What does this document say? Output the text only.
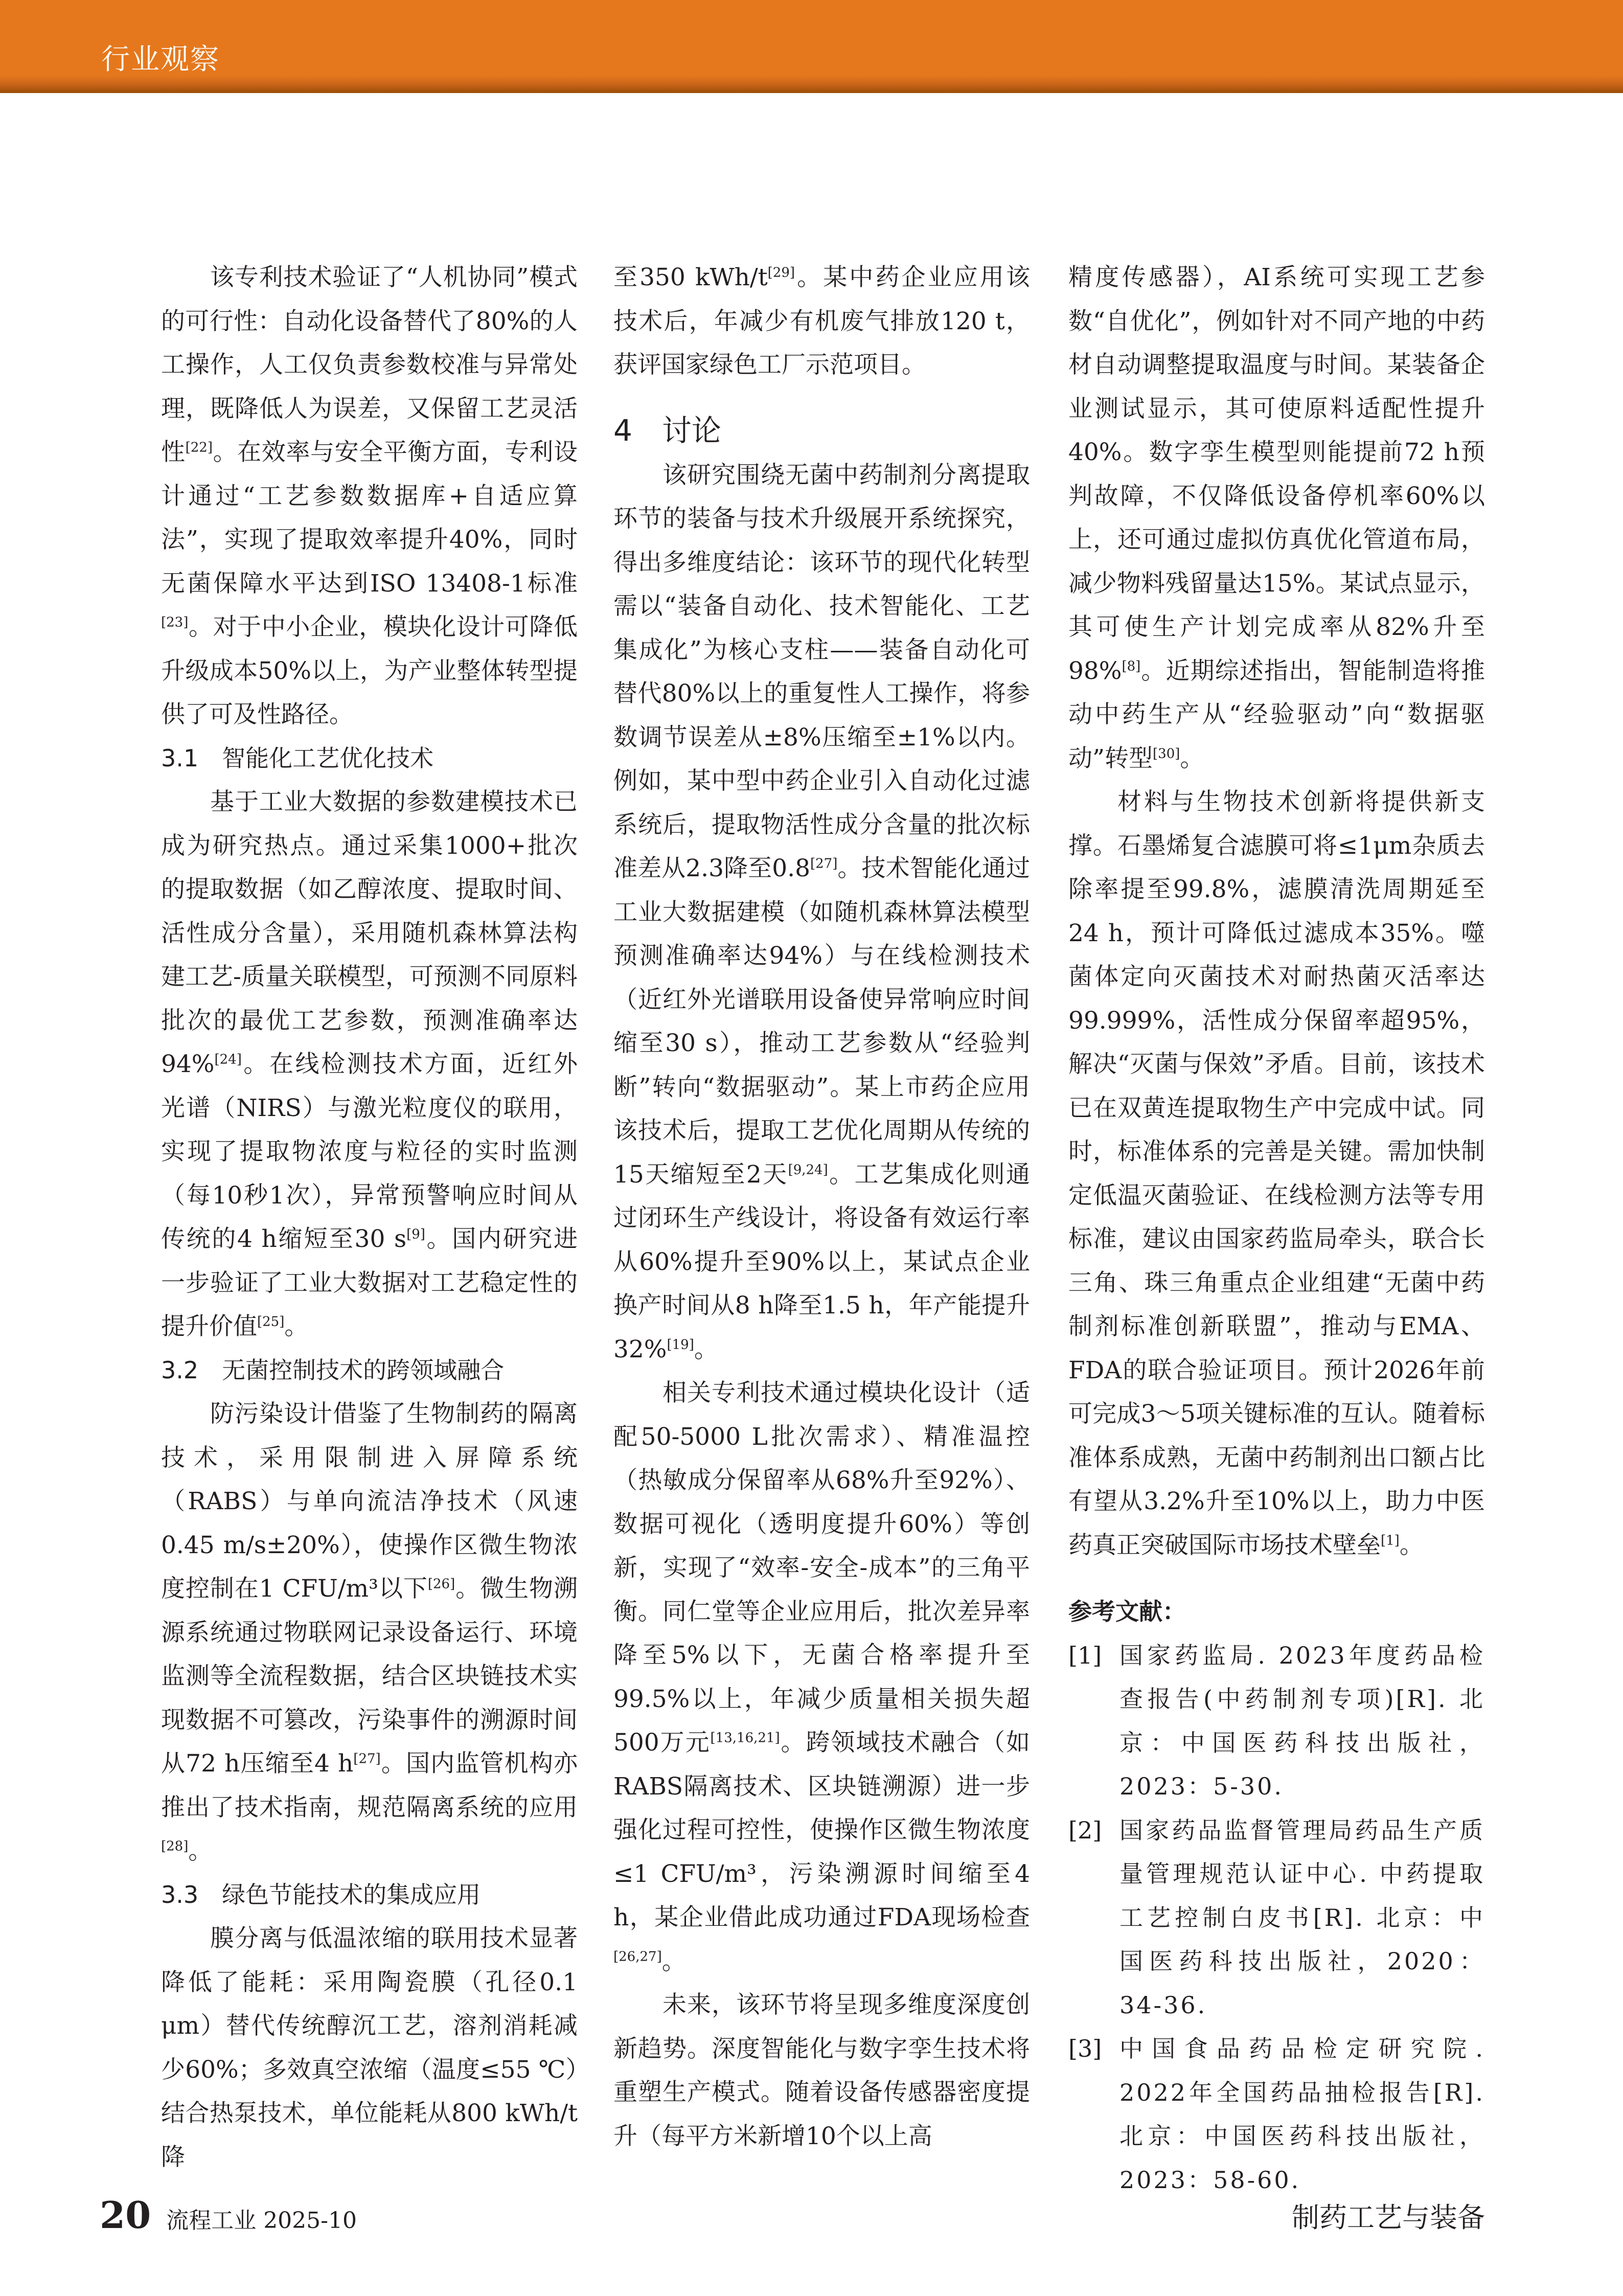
行业观察

该专利技术验证了“人机协同”模式的可行性：自动化设备替代了80%的人工操作，人工仅负责参数校准与异常处理，既降低人为误差，又保留工艺灵活性[22]。在效率与安全平衡方面，专利设计通过“工艺参数数据库+自适应算法”，实现了提取效率提升40%，同时无菌保障水平达到ISO 13408-1标准[23]。对于中小企业，模块化设计可降低升级成本50%以上，为产业整体转型提供了可及性路径。

3.1　智能化工艺优化技术

基于工业大数据的参数建模技术已成为研究热点。通过采集1000+批次的提取数据（如乙醇浓度、提取时间、活性成分含量），采用随机森林算法构建工艺-质量关联模型，可预测不同原料批次的最优工艺参数，预测准确率达94%[24]。在线检测技术方面，近红外光谱（NIRS）与激光粒度仪的联用，实现了提取物浓度与粒径的实时监测（每10秒1次），异常预警响应时间从传统的4 h缩短至30 s[9]。国内研究进一步验证了工业大数据对工艺稳定性的提升价值[25]。

3.2　无菌控制技术的跨领域融合

防污染设计借鉴了生物制药的隔离技术，采用限制进入屏障系统（RABS）与单向流洁净技术（风速0.45 m/s±20%），使操作区微生物浓度控制在1 CFU/m³以下[26]。微生物溯源系统通过物联网记录设备运行、环境监测等全流程数据，结合区块链技术实现数据不可篡改，污染事件的溯源时间从72 h压缩至4 h[27]。国内监管机构亦推出了技术指南，规范隔离系统的应用[28]。

3.3　绿色节能技术的集成应用

膜分离与低温浓缩的联用技术显著降低了能耗：采用陶瓷膜（孔径0.1 μm）替代传统醇沉工艺，溶剂消耗减少60%；多效真空浓缩（温度≤55 ℃）结合热泵技术，单位能耗从800 kWh/t降

至350 kWh/t[29]。某中药企业应用该技术后，年减少有机废气排放120 t，获评国家绿色工厂示范项目。

4　讨论

该研究围绕无菌中药制剂分离提取环节的装备与技术升级展开系统探究，得出多维度结论：该环节的现代化转型需以“装备自动化、技术智能化、工艺集成化”为核心支柱——装备自动化可替代80%以上的重复性人工操作，将参数调节误差从±8%压缩至±1%以内。例如，某中型中药企业引入自动化过滤系统后，提取物活性成分含量的批次标准差从2.3降至0.8[27]。技术智能化通过工业大数据建模（如随机森林算法模型预测准确率达94%）与在线检测技术（近红外光谱联用设备使异常响应时间缩至30 s），推动工艺参数从“经验判断”转向“数据驱动”。某上市药企应用该技术后，提取工艺优化周期从传统的15天缩短至2天[9,24]。工艺集成化则通过闭环生产线设计，将设备有效运行率从60%提升至90%以上，某试点企业换产时间从8 h降至1.5 h，年产能提升32%[19]。

相关专利技术通过模块化设计（适配50-5000 L批次需求）、精准温控（热敏成分保留率从68%升至92%）、数据可视化（透明度提升60%）等创新，实现了“效率-安全-成本”的三角平衡。同仁堂等企业应用后，批次差异率降至5%以下，无菌合格率提升至99.5%以上，年减少质量相关损失超500万元[13,16,21]。跨领域技术融合（如RABS隔离技术、区块链溯源）进一步强化过程可控性，使操作区微生物浓度≤1 CFU/m³，污染溯源时间缩至4 h，某企业借此成功通过FDA现场检查[26,27]。

未来，该环节将呈现多维度深度创新趋势。深度智能化与数字孪生技术将重塑生产模式。随着设备传感器密度提升（每平方米新增10个以上高

精度传感器），AI系统可实现工艺参数“自优化”，例如针对不同产地的中药材自动调整提取温度与时间。某装备企业测试显示，其可使原料适配性提升40%。数字孪生模型则能提前72 h预判故障，不仅降低设备停机率60%以上，还可通过虚拟仿真优化管道布局，减少物料残留量达15%。某试点显示，其可使生产计划完成率从82%升至98%[8]。近期综述指出，智能制造将推动中药生产从“经验驱动”向“数据驱动”转型[30]。

材料与生物技术创新将提供新支撑。石墨烯复合滤膜可将≤1μm杂质去除率提至99.8%，滤膜清洗周期延至24 h，预计可降低过滤成本35%。噬菌体定向灭菌技术对耐热菌灭活率达99.999%，活性成分保留率超95%，解决“灭菌与保效”矛盾。目前，该技术已在双黄连提取物生产中完成中试。同时，标准体系的完善是关键。需加快制定低温灭菌验证、在线检测方法等专用标准，建议由国家药监局牵头，联合长三角、珠三角重点企业组建“无菌中药制剂标准创新联盟”，推动与EMA、FDA的联合验证项目。预计2026年前可完成3～5项关键标准的互认。随着标准体系成熟，无菌中药制剂出口额占比有望从3.2%升至10%以上，助力中医药真正突破国际市场技术壁垒[1]。

参考文献：
[1] 国家药监局. 2023年度药品检查报告(中药制剂专项)[R]. 北京：中国医药科技出版社，2023：5-30.
[2] 国家药品监督管理局药品生产质量管理规范认证中心. 中药提取工艺控制白皮书[R]. 北京：中国医药科技出版社，2020：34-36.
[3] 中国食品药品检定研究院. 2022年全国药品抽检报告[R]. 北京：中国医药科技出版社，2023：58-60.
20 流程工业 2025-10	制药工艺与装备
